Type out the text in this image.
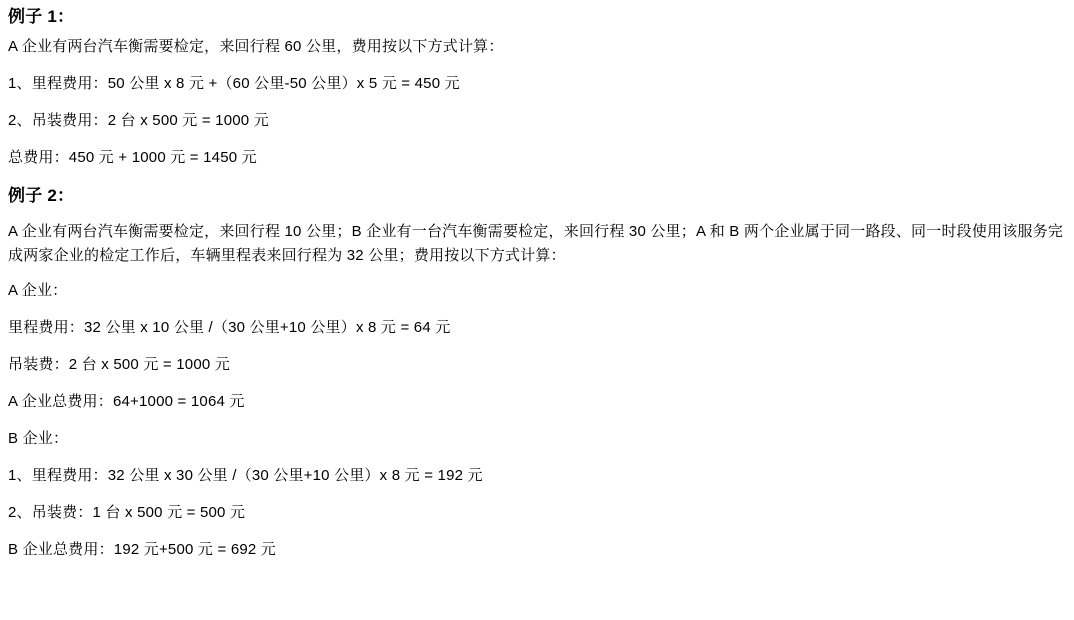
例子 1：
A 企业有两台汽车衡需要检定，来回行程 60 公里，费用按以下方式计算：
1、里程费用：50 公里 x 8 元 +（60 公里-50 公里）x 5 元 = 450 元
2、吊装费用：2 台 x 500 元 = 1000 元
总费用：450 元 + 1000 元 = 1450 元
例子 2：
A 企业有两台汽车衡需要检定，来回行程 10 公里；B 企业有一台汽车衡需要检定，来回行程 30 公里；A 和 B 两个企业属于同一路段、同一时段使用该服务完成两家企业的检定工作后，车辆里程表来回行程为 32 公里；费用按以下方式计算：
A 企业：
里程费用：32 公里 x 10 公里 /（30 公里+10 公里）x 8 元 = 64 元
吊装费：2 台 x 500 元 = 1000 元
A 企业总费用：64+1000 = 1064 元
B 企业：
1、里程费用：32 公里 x 30 公里 /（30 公里+10 公里）x 8 元 = 192 元
2、吊装费：1 台 x 500 元 = 500 元
B 企业总费用：192 元+500 元 = 692 元
